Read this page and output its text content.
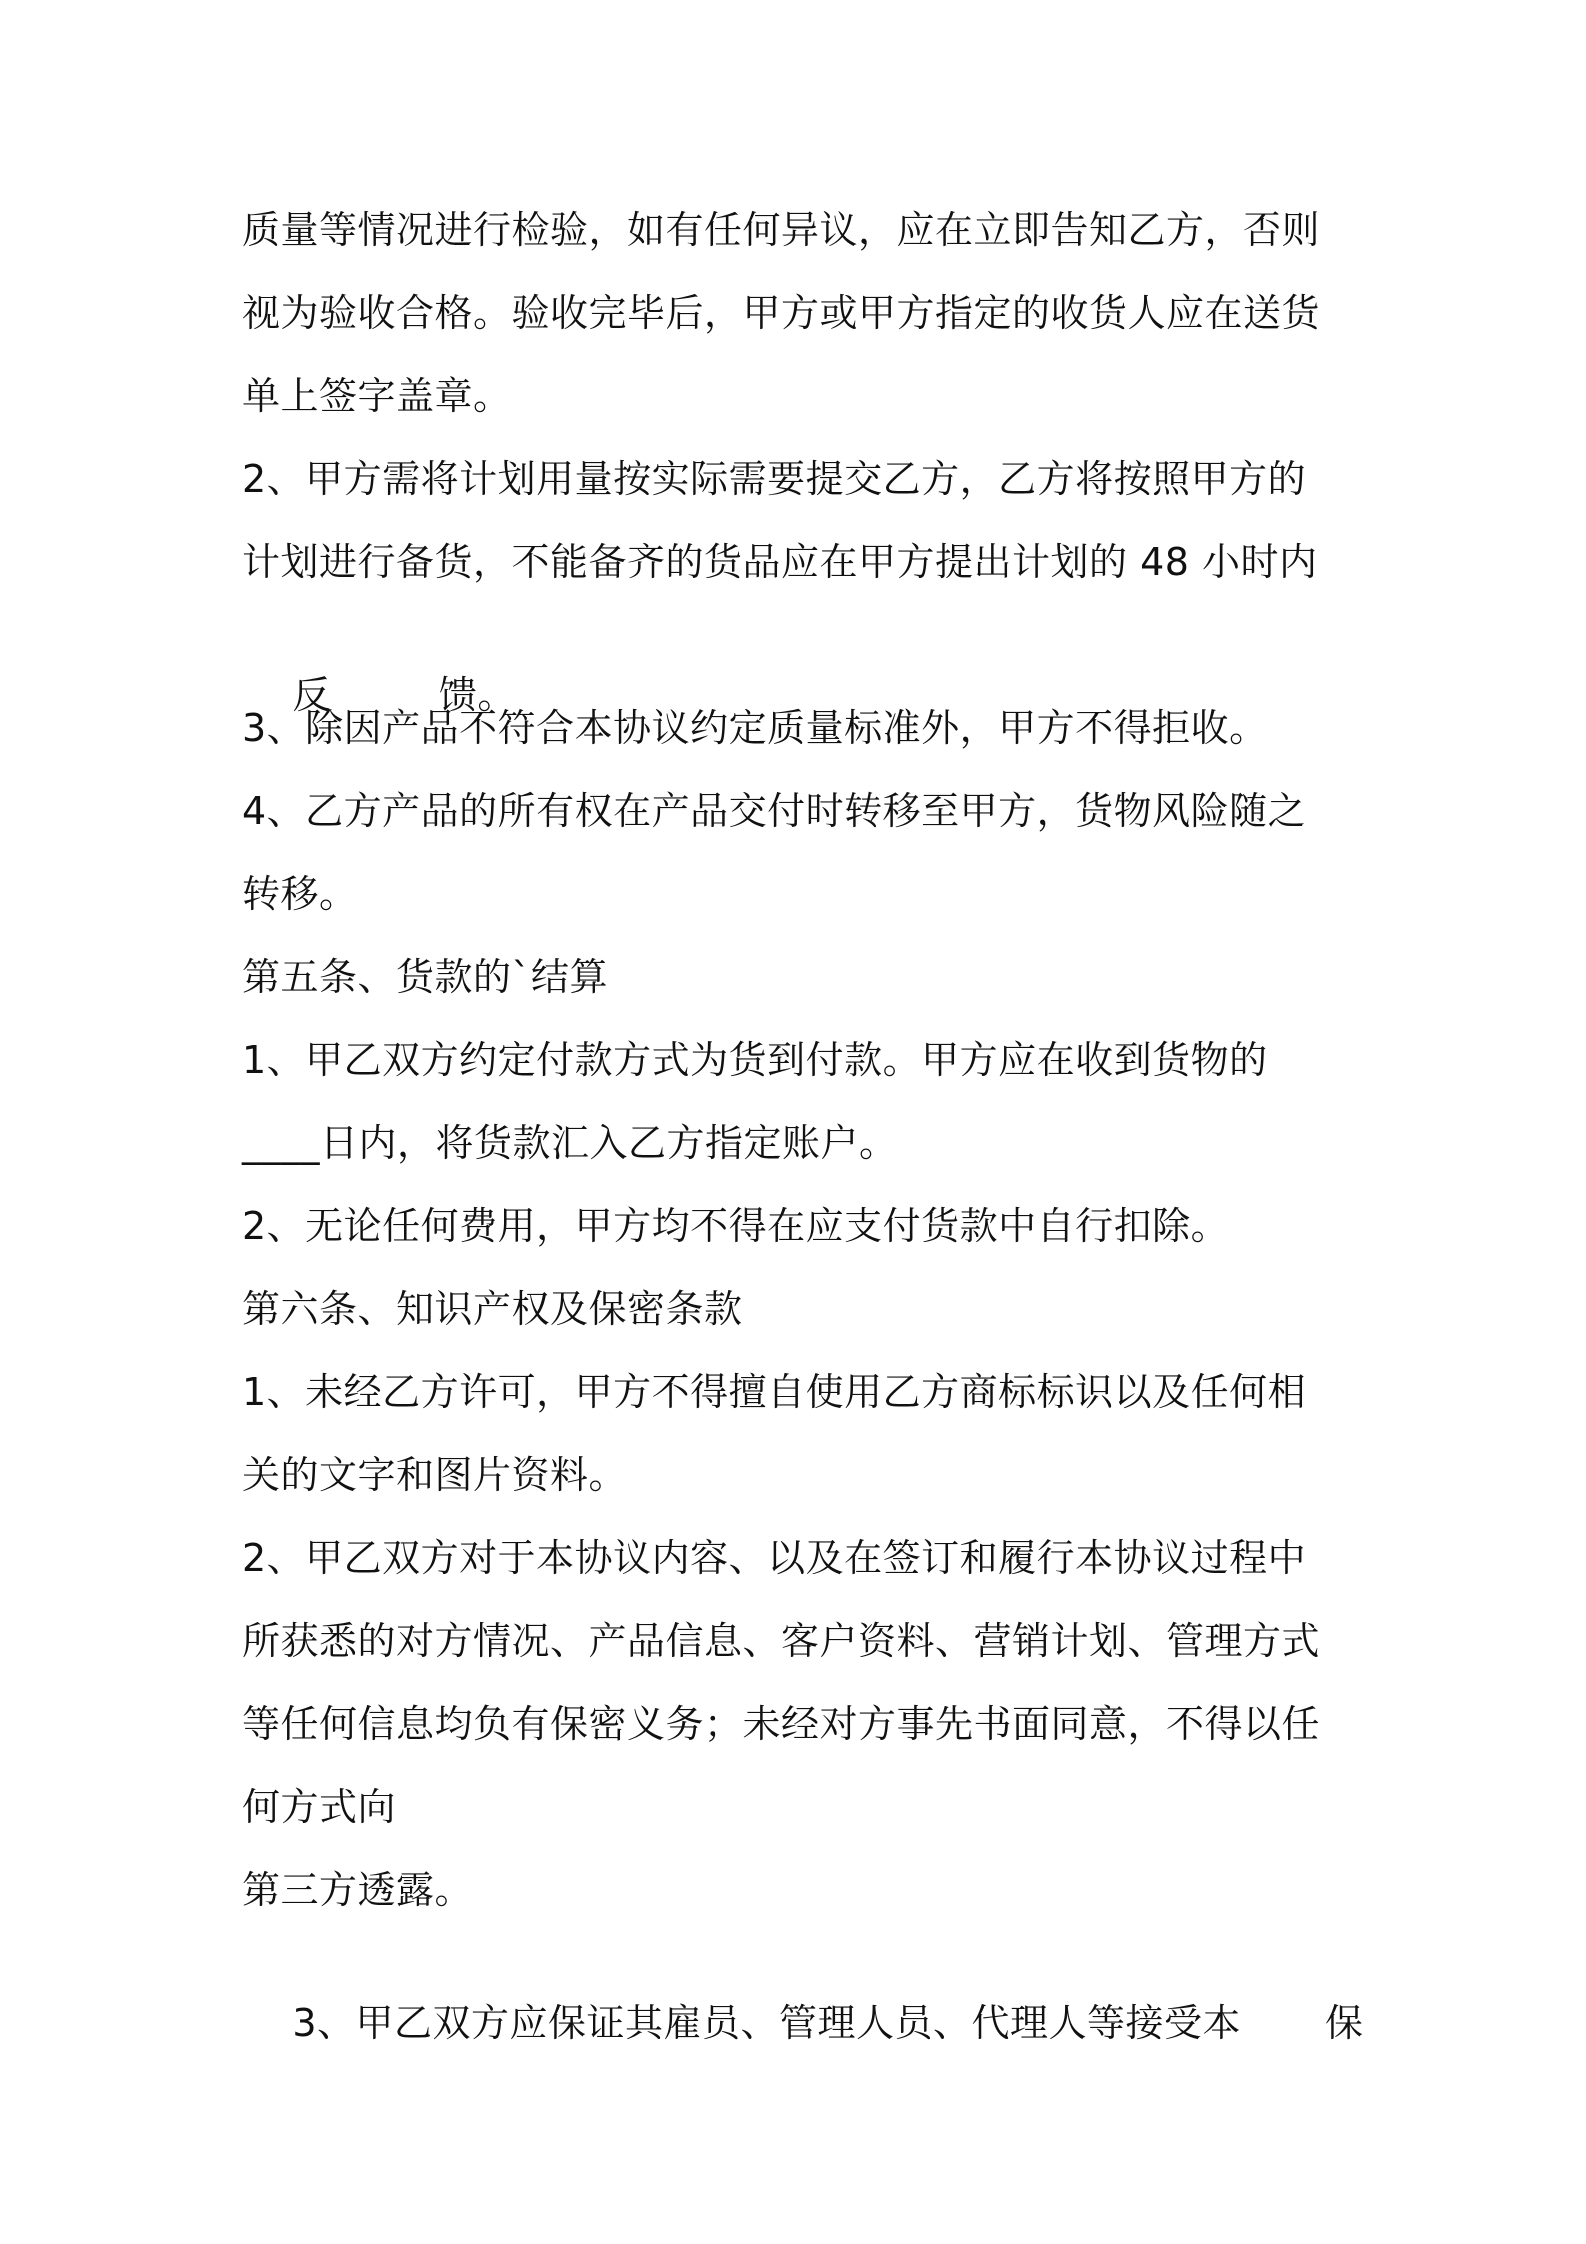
质量等情况进行检验，如有任何异议，应在立即告知乙方，否则
视为验收合格。验收完毕后，甲方或甲方指定的收货人应在送货
单上签字盖章。
2、甲方需将计划用量按实际需要提交乙方，乙方将按照甲方的
计划进行备货，不能备齐的货品应在甲方提出计划的 48 小时内

反	馈。

3、除因产品不符合本协议约定质量标准外，甲方不得拒收。
4、乙方产品的所有权在产品交付时转移至甲方，货物风险随之
转移。
第五条、货款的`结算
1、甲乙双方约定付款方式为货到付款。甲方应在收到货物的
____日内，将货款汇入乙方指定账户。
2、无论任何费用，甲方均不得在应支付货款中自行扣除。
第六条、知识产权及保密条款
1、未经乙方许可，甲方不得擅自使用乙方商标标识以及任何相
关的文字和图片资料。
2、甲乙双方对于本协议内容、以及在签订和履行本协议过程中
所获悉的对方情况、产品信息、客户资料、营销计划、管理方式
等任何信息均负有保密义务；未经对方事先书面同意，不得以任
何方式向
第三方透露。

3、甲乙双方应保证其雇员、管理人员、代理人等接受本 保
